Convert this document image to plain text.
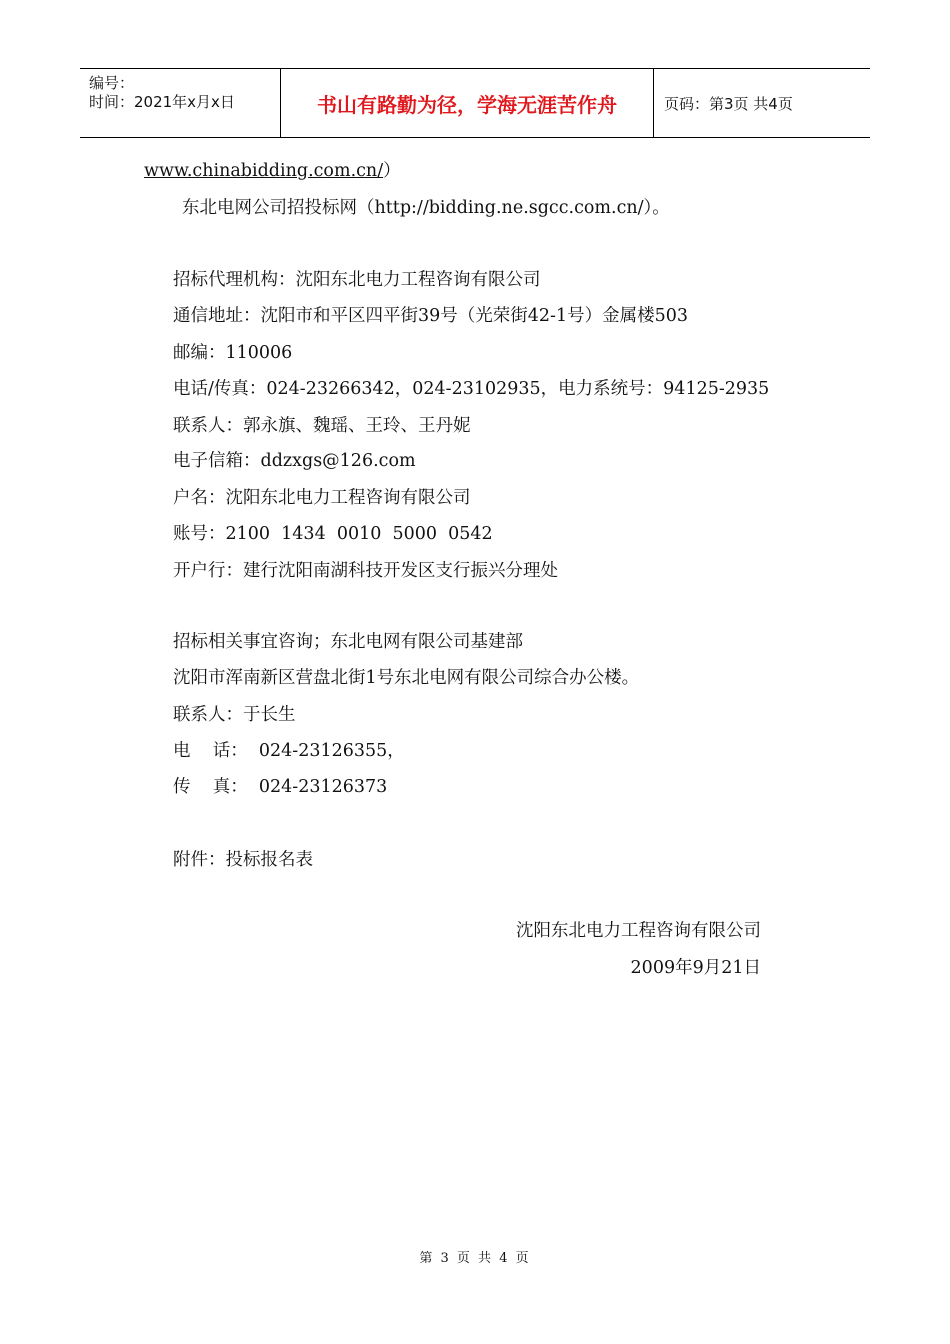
编号：
时间：2021年x月x日	书山有路勤为径，学海无涯苦作舟	页码：第3页 共4页
www.chinabidding.com.cn/）
东北电网公司招投标网（http://bidding.ne.sgcc.com.cn/）。
招标代理机构：沈阳东北电力工程咨询有限公司
通信地址：沈阳市和平区四平街39号（光荣街42-1号）金属楼503
邮编：110006
电话/传真：024-23266342，024-23102935，电力系统号：94125-2935
联系人：郭永旗、魏瑶、王玲、王丹妮
电子信箱：ddzxgs@126.com
户名：沈阳东北电力工程咨询有限公司
账号：2100  1434  0010  5000  0542
开户行：建行沈阳南湖科技开发区支行振兴分理处
招标相关事宜咨询；东北电网有限公司基建部
沈阳市浑南新区营盘北街1号东北电网有限公司综合办公楼。
联系人：于长生
电    话：  024-23126355，
传    真：  024-23126373
附件：投标报名表
沈阳东北电力工程咨询有限公司
2009年9月21日
第 3 页 共 4 页
